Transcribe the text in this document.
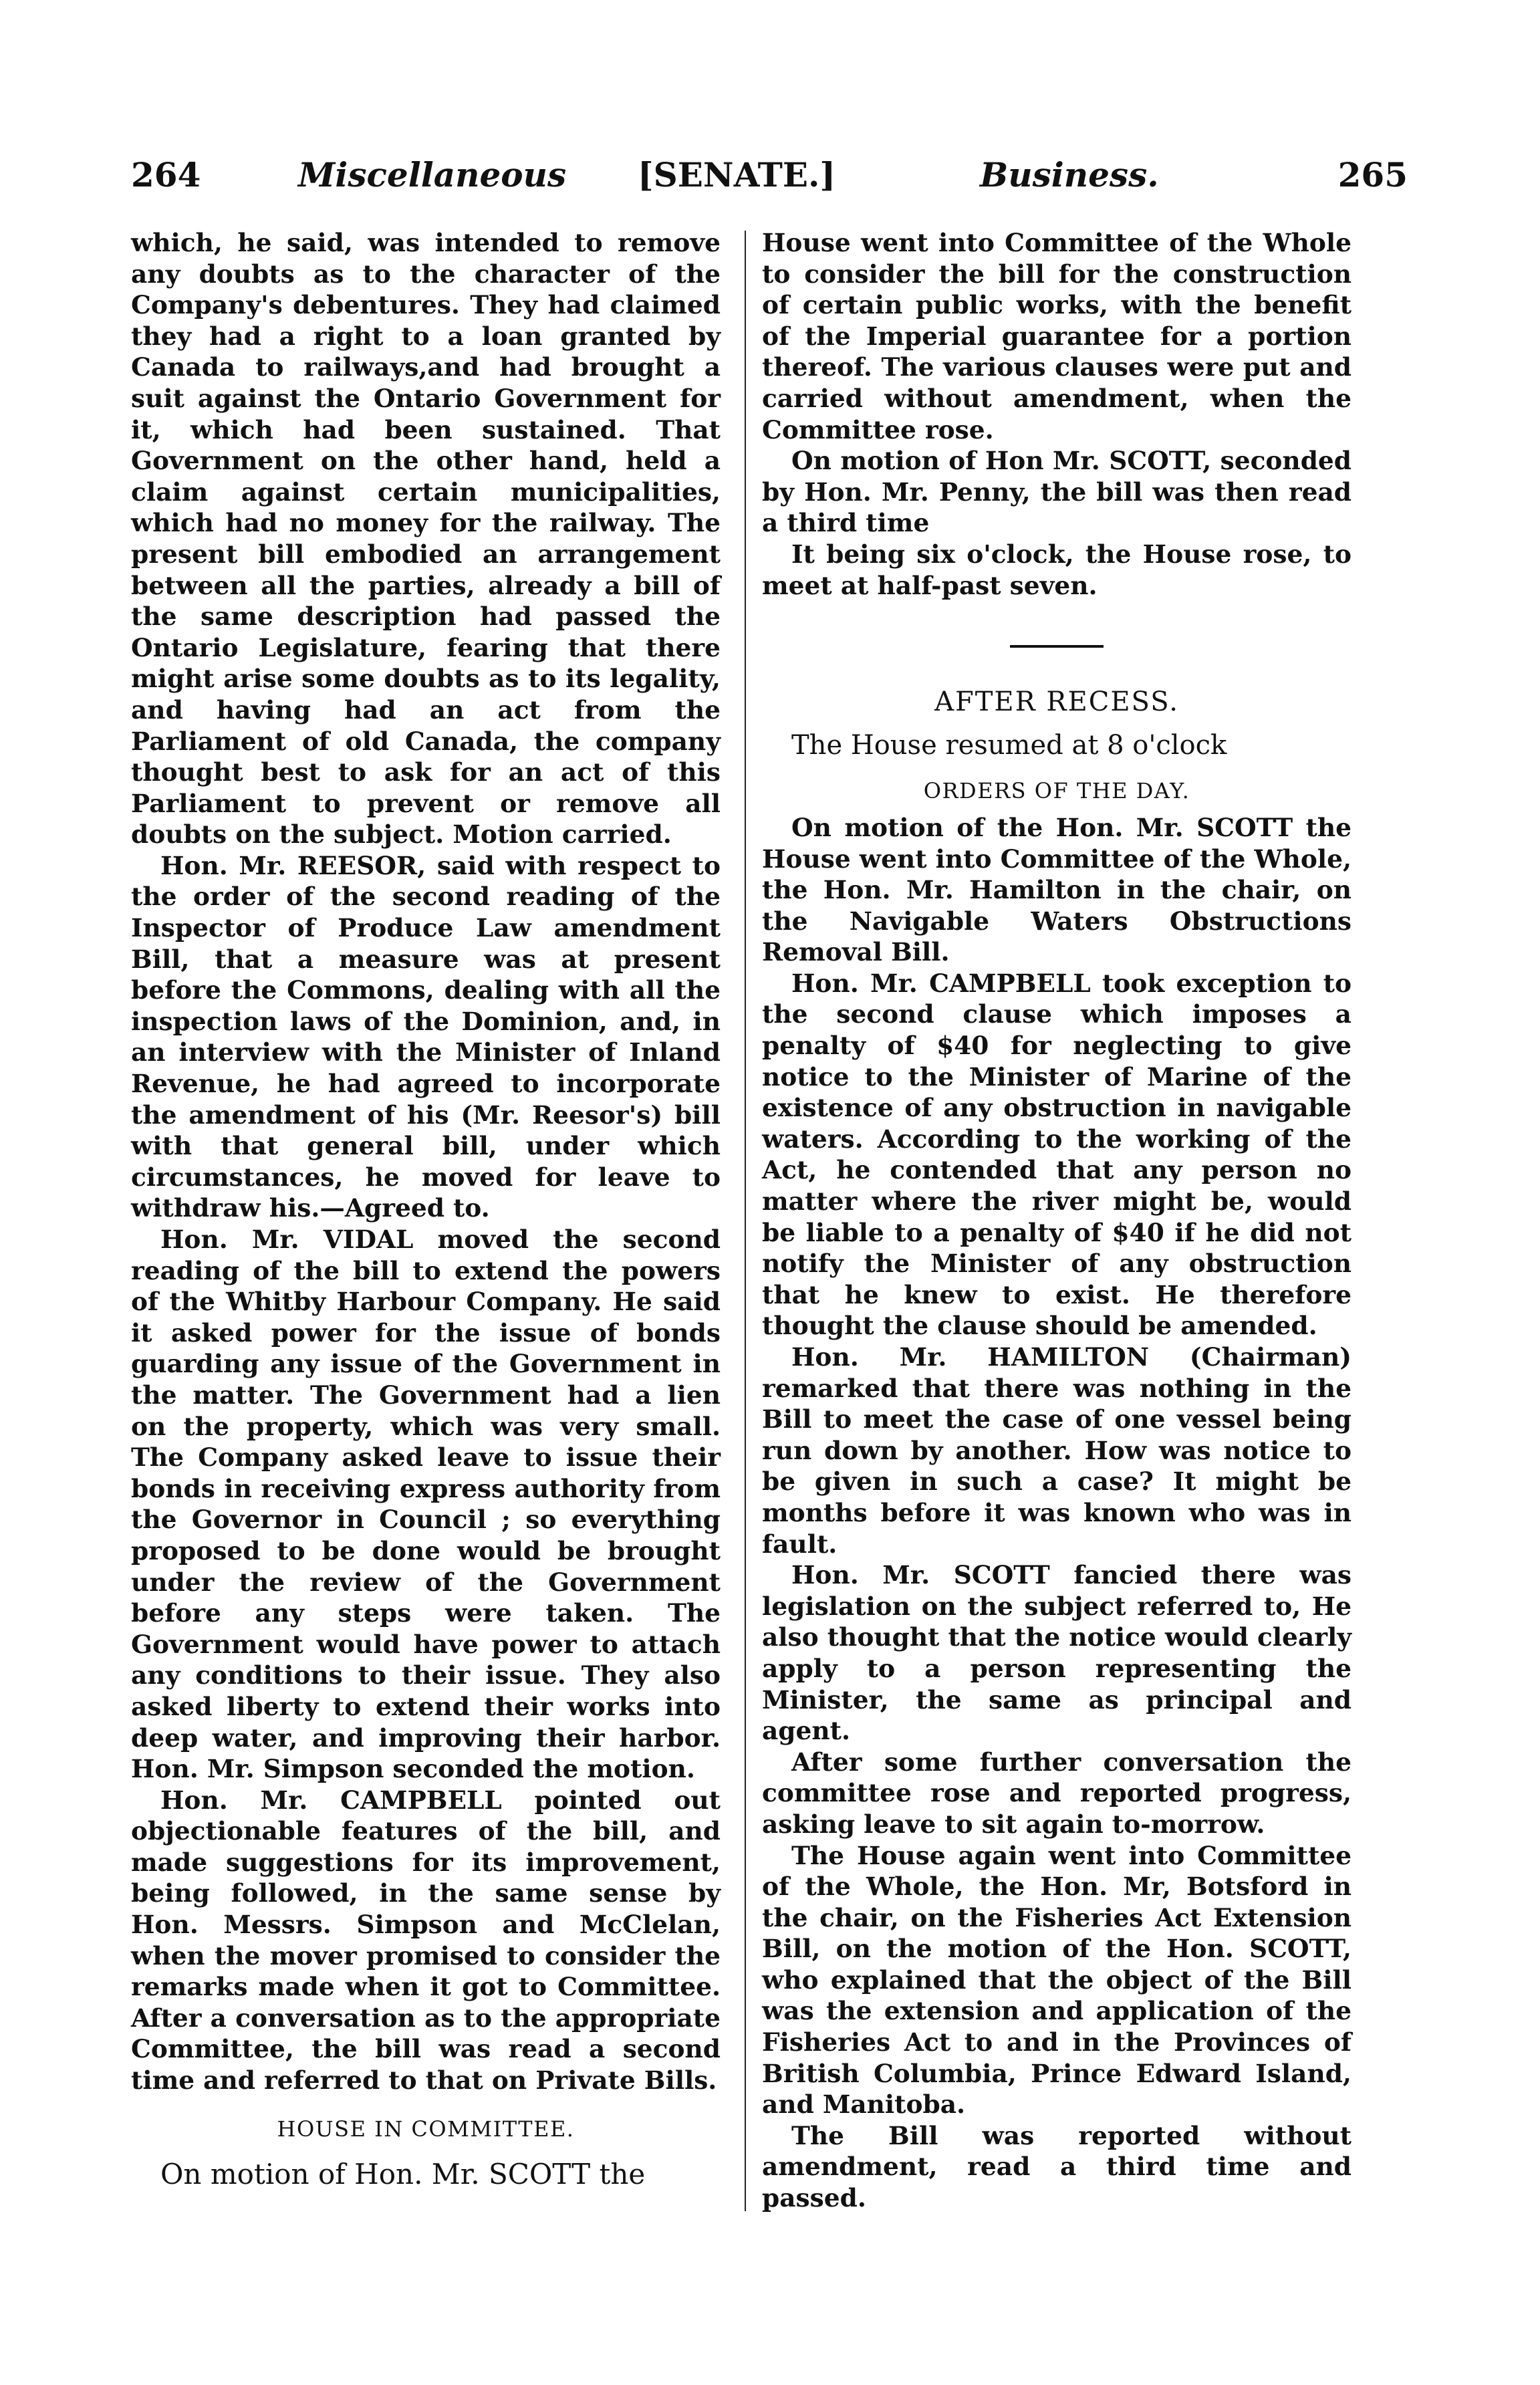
264	Miscellaneous [SENATE.]	Business.	265

which, he said, was intended to remove any doubts as to the character of the Company's debentures. They had claimed they had a right to a loan granted by Canada to railways,and had brought a suit against the Ontario Government for it, which had been sustained. That Government on the other hand, held a claim against certain municipalities, which had no money for the railway. The present bill embodied an arrangement between all the parties, already a bill of the same description had passed the Ontario Legislature, fearing that there might arise some doubts as to its legality, and having had an act from the Parliament of old Canada, the company thought best to ask for an act of this Parliament to prevent or remove all doubts on the subject. Motion carried.

Hon. Mr. REESOR, said with respect to the order of the second reading of the Inspector of Produce Law amendment Bill, that a measure was at present before the Commons, dealing with all the inspection laws of the Dominion, and, in an interview with the Minister of Inland Revenue, he had agreed to incorporate the amendment of his (Mr. Reesor's) bill with that general bill, under which circumstances, he moved for leave to withdraw his.—Agreed to.

Hon. Mr. VIDAL moved the second reading of the bill to extend the powers of the Whitby Harbour Company. He said it asked power for the issue of bonds guarding any issue of the Government in the matter. The Government had a lien on the property, which was very small. The Company asked leave to issue their bonds in receiving express authority from the Governor in Council ; so everything proposed to be done would be brought under the review of the Government before any steps were taken. The Government would have power to attach any conditions to their issue. They also asked liberty to extend their works into deep water, and improving their harbor. Hon. Mr. Simpson seconded the motion.

Hon. Mr. CAMPBELL pointed out objectionable features of the bill, and made suggestions for its improvement, being followed, in the same sense by Hon. Messrs. Simpson and McClelan, when the mover promised to consider the remarks made when it got to Committee. After a conversation as to the appropriate Committee, the bill was read a second time and referred to that on Private Bills.

HOUSE IN COMMITTEE.

On motion of Hon. Mr. SCOTT the

House went into Committee of the Whole to consider the bill for the construction of certain public works, with the benefit of the Imperial guarantee for a portion thereof. The various clauses were put and carried without amendment, when the Committee rose.

On motion of Hon Mr. SCOTT, seconded by Hon. Mr. Penny, the bill was then read a third time

It being six o'clock, the House rose, to meet at half-past seven.

AFTER RECESS.

The House resumed at 8 o'clock

ORDERS OF THE DAY.

On motion of the Hon. Mr. SCOTT the House went into Committee of the Whole, the Hon. Mr. Hamilton in the chair, on the Navigable Waters Obstructions Removal Bill.

Hon. Mr. CAMPBELL took exception to the second clause which imposes a penalty of $40 for neglecting to give notice to the Minister of Marine of the existence of any obstruction in navigable waters. According to the working of the Act, he contended that any person no matter where the river might be, would be liable to a penalty of $40 if he did not notify the Minister of any obstruction that he knew to exist. He therefore thought the clause should be amended.

Hon. Mr. HAMILTON (Chairman) remarked that there was nothing in the Bill to meet the case of one vessel being run down by another. How was notice to be given in such a case? It might be months before it was known who was in fault.

Hon. Mr. SCOTT fancied there was legislation on the subject referred to, He also thought that the notice would clearly apply to a person representing the Minister, the same as principal and agent.

After some further conversation the committee rose and reported progress, asking leave to sit again to-morrow.

The House again went into Committee of the Whole, the Hon. Mr, Botsford in the chair, on the Fisheries Act Extension Bill, on the motion of the Hon. SCOTT, who explained that the object of the Bill was the extension and application of the Fisheries Act to and in the Provinces of British Columbia, Prince Edward Island, and Manitoba.

The Bill was reported without amendment, read a third time and passed.
